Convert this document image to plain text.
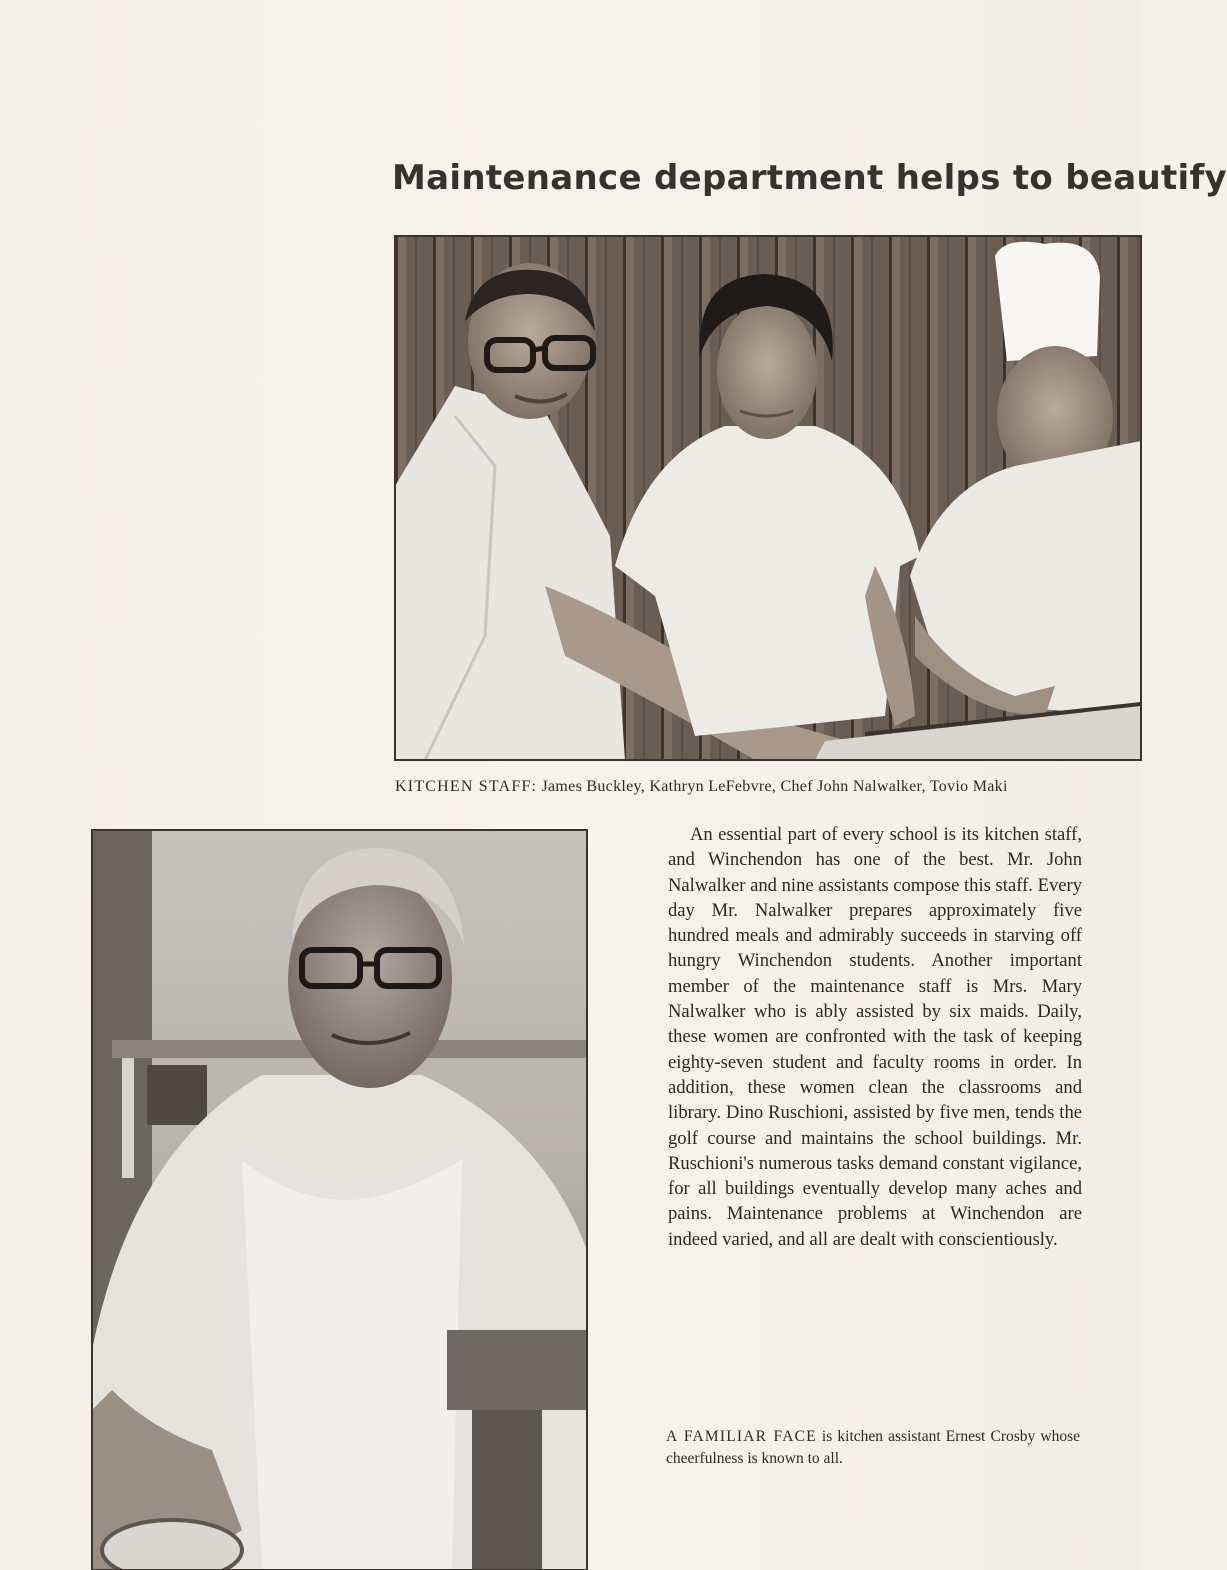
Maintenance department helps to beautify
KITCHEN STAFF: James Buckley, Kathryn LeFebvre, Chef John Nalwalker, Tovio Maki

An essential part of every school is its kitchen staff, and Winchendon has one of the best. Mr. John Nalwalker and nine assistants compose this staff. Every day Mr. Nalwalker prepares approximately five hundred meals and admirably succeeds in starving off hungry Winchendon students. Another important member of the maintenance staff is Mrs. Mary Nalwalker who is ably assisted by six maids. Daily, these women are confronted with the task of keeping eighty-seven student and faculty rooms in order. In addition, these women clean the classrooms and library. Dino Ruschioni, assisted by five men, tends the golf course and maintains the school buildings. Mr. Ruschioni's numerous tasks demand constant vigilance, for all buildings eventually develop many aches and pains. Maintenance problems at Winchendon are indeed varied, and all are dealt with conscientiously.

A FAMILIAR FACE is kitchen assistant Ernest Crosby whose cheerfulness is known to all.
